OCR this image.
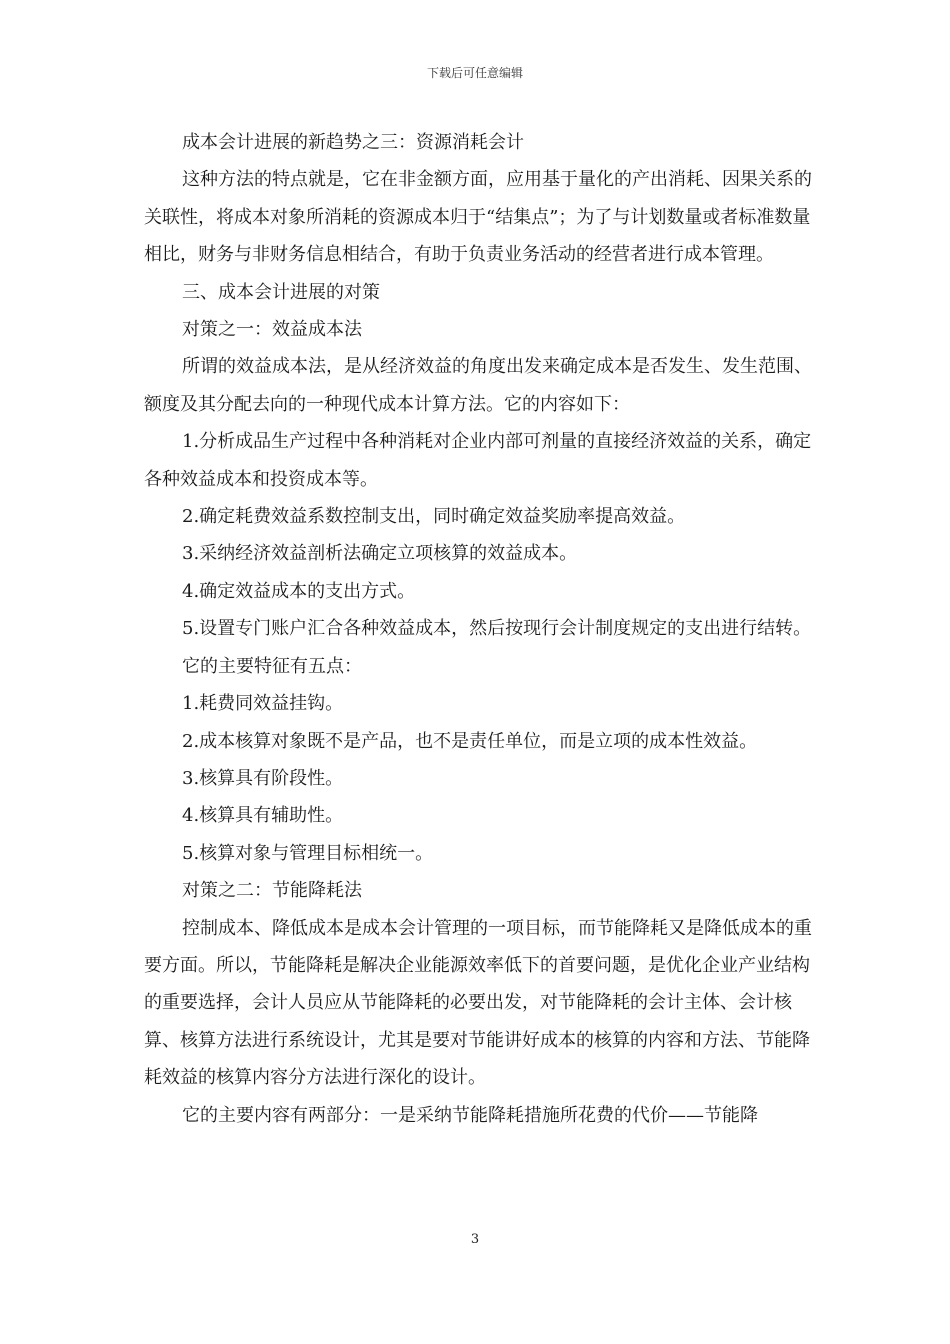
下载后可任意编辑

成本会计进展的新趋势之三：资源消耗会计

这种方法的特点就是，它在非金额方面，应用基于量化的产出消耗、因果关系的关联性，将成本对象所消耗的资源成本归于“结集点”；为了与计划数量或者标准数量相比，财务与非财务信息相结合，有助于负责业务活动的经营者进行成本管理。

三、成本会计进展的对策

对策之一：效益成本法

所谓的效益成本法，是从经济效益的角度出发来确定成本是否发生、发生范围、额度及其分配去向的一种现代成本计算方法。它的内容如下：

1.分析成品生产过程中各种消耗对企业内部可剂量的直接经济效益的关系，确定各种效益成本和投资成本等。

2.确定耗费效益系数控制支出，同时确定效益奖励率提高效益。

3.采纳经济效益剖析法确定立项核算的效益成本。

4.确定效益成本的支出方式。

5.设置专门账户汇合各种效益成本，然后按现行会计制度规定的支出进行结转。

它的主要特征有五点：

1.耗费同效益挂钩。

2.成本核算对象既不是产品，也不是责任单位，而是立项的成本性效益。

3.核算具有阶段性。

4.核算具有辅助性。

5.核算对象与管理目标相统一。

对策之二：节能降耗法

控制成本、降低成本是成本会计管理的一项目标，而节能降耗又是降低成本的重要方面。所以，节能降耗是解决企业能源效率低下的首要问题，是优化企业产业结构的重要选择，会计人员应从节能降耗的必要出发，对节能降耗的会计主体、会计核算、核算方法进行系统设计，尤其是要对节能讲好成本的核算的内容和方法、节能降耗效益的核算内容分方法进行深化的设计。

它的主要内容有两部分：一是采纳节能降耗措施所花费的代价——节能降

3
